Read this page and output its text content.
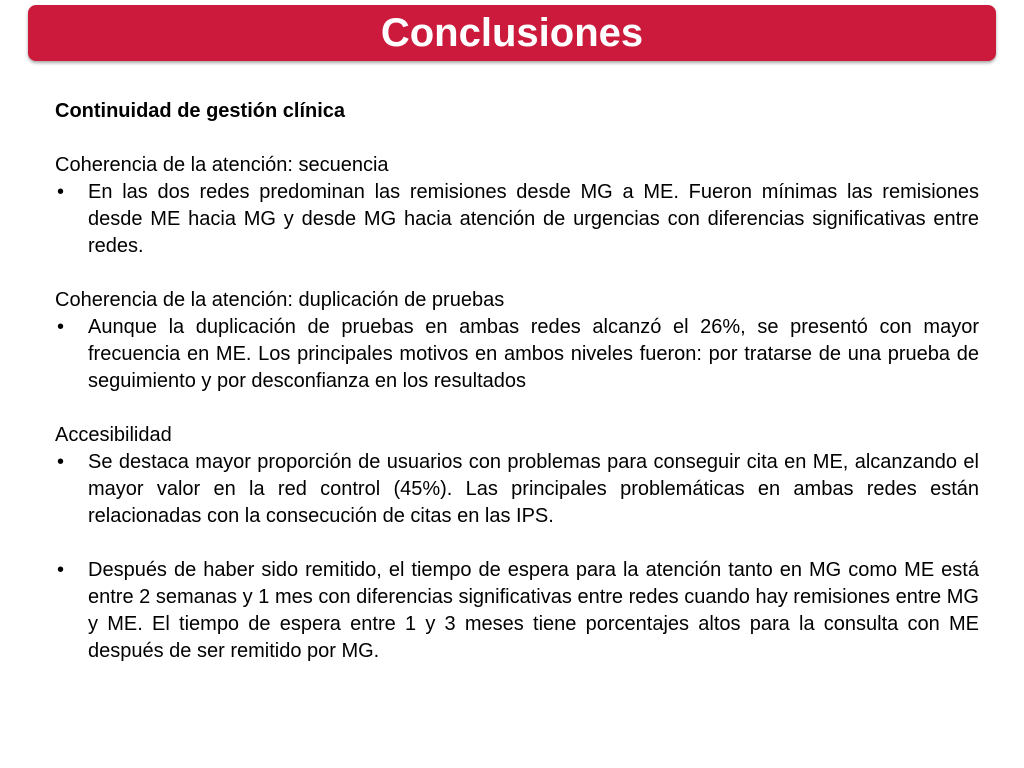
Conclusiones

Continuidad de gestión clínica

Coherencia de la atención: secuencia

• En las dos redes predominan las remisiones desde MG a ME. Fueron mínimas las remisiones desde ME hacia MG y desde MG hacia atención de urgencias con diferencias significativas entre redes.

Coherencia de la atención: duplicación de pruebas

• Aunque la duplicación de pruebas en ambas redes alcanzó el 26%, se presentó con mayor frecuencia en ME. Los principales motivos en ambos niveles fueron: por tratarse de una prueba de seguimiento y por desconfianza en los resultados

Accesibilidad

• Se destaca mayor proporción de usuarios con problemas para conseguir cita en ME, alcanzando el mayor valor en la red control (45%). Las principales problemáticas en ambas redes están relacionadas con la consecución de citas en las IPS.

• Después de haber sido remitido, el tiempo de espera para la atención tanto en MG como ME está entre 2 semanas y 1 mes con diferencias significativas entre redes cuando hay remisiones entre MG y ME. El tiempo de espera entre 1 y 3 meses tiene porcentajes altos para la consulta con ME después de ser remitido por MG.
